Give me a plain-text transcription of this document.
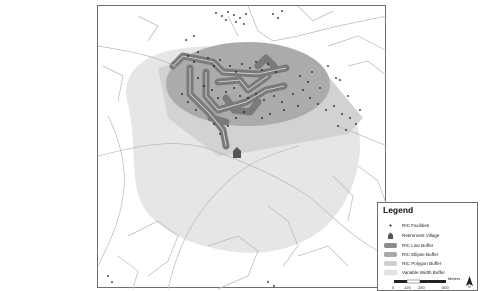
Legend
RIC Facilities
Retirement Village
RIC Line Buffer
RIC Ellipse Buffer
RIC Polygon Buffer
Variable Width Buffer
0 125 250	500
Meters
N
